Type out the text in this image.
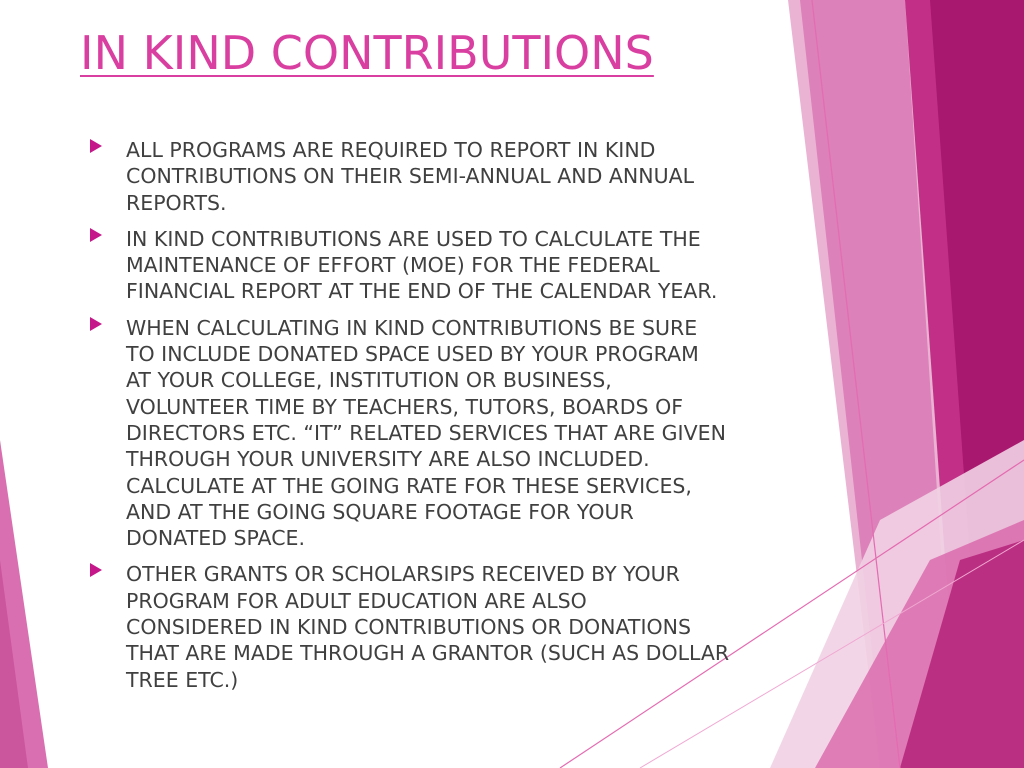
IN KIND CONTRIBUTIONS
ALL PROGRAMS ARE REQUIRED TO REPORT IN KIND
CONTRIBUTIONS ON THEIR SEMI-ANNUAL AND ANNUAL
REPORTS.
IN KIND CONTRIBUTIONS ARE USED TO CALCULATE THE
MAINTENANCE OF EFFORT (MOE) FOR THE FEDERAL
FINANCIAL REPORT AT THE END OF THE CALENDAR YEAR.
WHEN CALCULATING IN KIND CONTRIBUTIONS BE SURE
TO INCLUDE DONATED SPACE USED BY YOUR PROGRAM
AT YOUR COLLEGE, INSTITUTION OR BUSINESS,
VOLUNTEER TIME BY TEACHERS, TUTORS, BOARDS OF
DIRECTORS ETC. “IT” RELATED SERVICES THAT ARE GIVEN
THROUGH YOUR UNIVERSITY ARE ALSO INCLUDED.
CALCULATE AT THE GOING RATE FOR THESE SERVICES,
AND AT THE GOING SQUARE FOOTAGE FOR YOUR
DONATED SPACE.
OTHER GRANTS OR SCHOLARSIPS RECEIVED BY YOUR
PROGRAM FOR ADULT EDUCATION ARE ALSO
CONSIDERED IN KIND CONTRIBUTIONS OR DONATIONS
THAT ARE MADE THROUGH A GRANTOR (SUCH AS DOLLAR
TREE ETC.)
